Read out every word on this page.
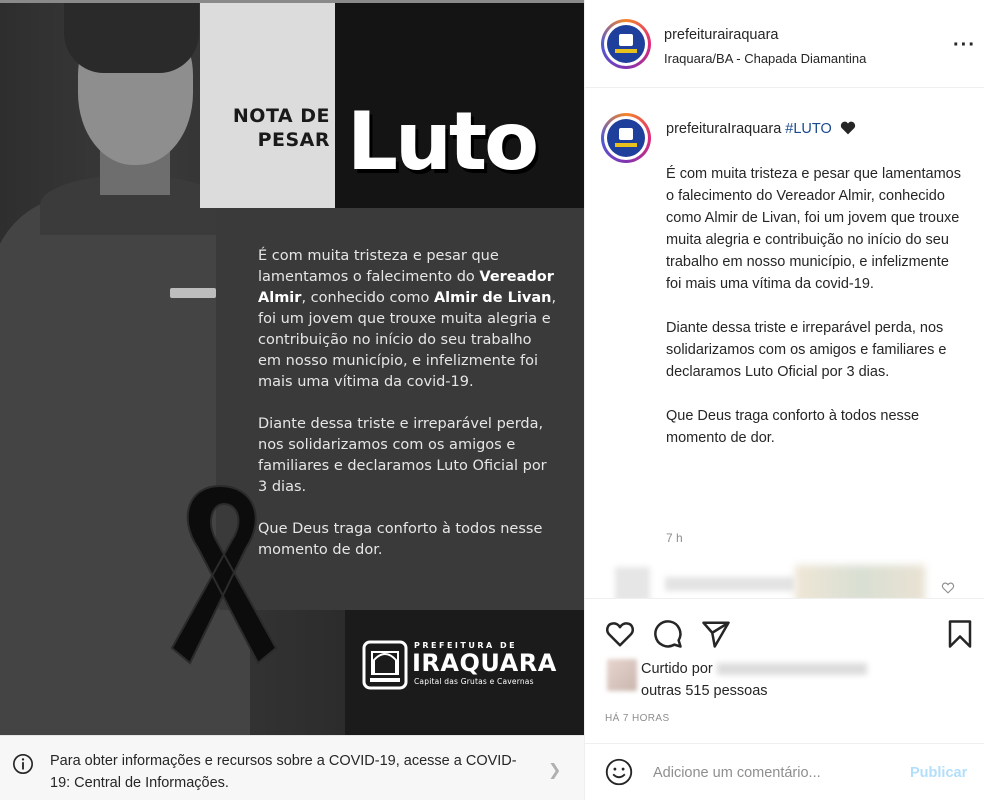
NOTA DE
PESAR Luto

É com muita tristeza e pesar que lamentamos o falecimento do Vereador Almir, conhecido como Almir de Livan, foi um jovem que trouxe muita alegria e contribuição no início do seu trabalho em nosso município, e infelizmente foi mais uma vítima da covid-19.

Diante dessa triste e irreparável perda, nos solidarizamos com os amigos e familiares e declaramos Luto Oficial por 3 dias.

Que Deus traga conforto à todos nesse momento de dor.

PREFEITURA DE
IRAQUARA
Capital das Grutas e Cavernas
Para obter informações e recursos sobre a COVID-19, acesse a COVID-19: Central de Informações.
❯
prefeiturairaquara
Iraquara/BA - Chapada Diamantina
···
prefeituraIraquara #LUTO

É com muita tristeza e pesar que lamentamos o falecimento do Vereador Almir, conhecido como Almir de Livan, foi um jovem que trouxe muita alegria e contribuição no início do seu trabalho em nosso município, e infelizmente foi mais uma vítima da covid-19.

Diante dessa triste e irreparável perda, nos solidarizamos com os amigos e familiares e declaramos Luto Oficial por 3 dias.

Que Deus traga conforto à todos nesse momento de dor.

7 h
Curtido por
outras 515 pessoas
HÁ 7 HORAS
Adicione um comentário...
Publicar
